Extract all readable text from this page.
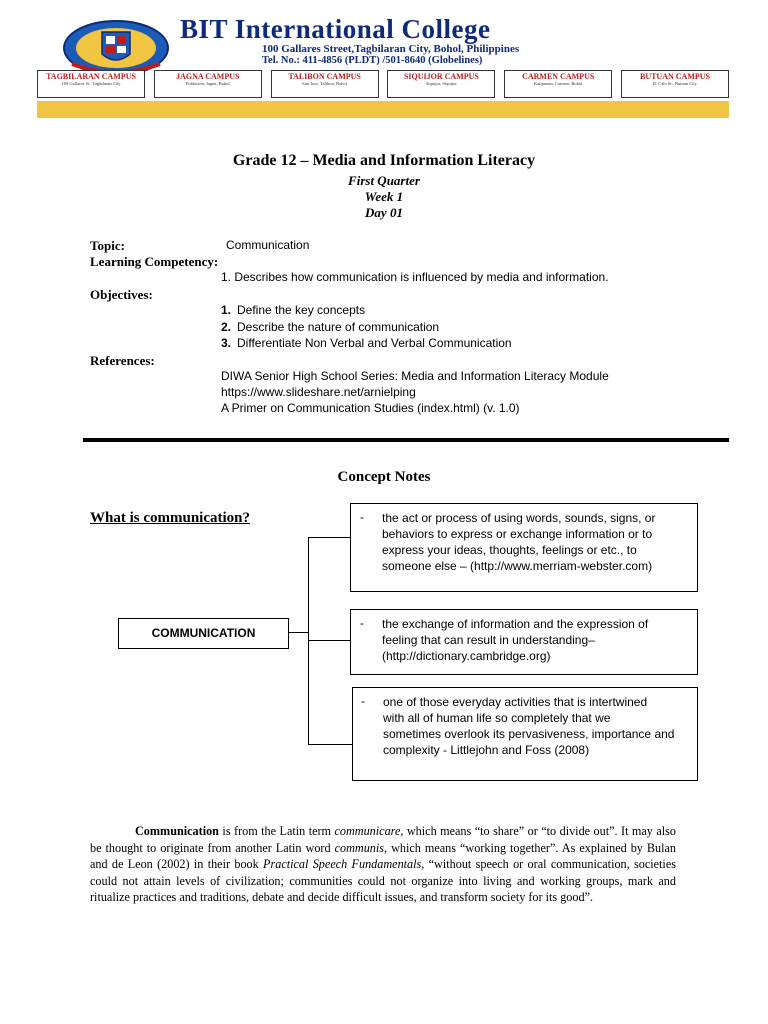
BIT International College
100 Gallares Street,Tagbilaran City, Bohol, Philippines
Tel. No.: 411-4856 (PLDT) /501-8640 (Globelines)
TAGBILARAN CAMPUS
100 Gallares St., Tagbilaran City
JAGNA CAMPUS
Poblacion, Jagna, Bohol
TALIBON CAMPUS
San Jose, Talibon, Bohol
SIQUIJOR CAMPUS
Siquijor, Siquijor
CARMEN CAMPUS
Katipunan, Carmen, Bohol
BUTUAN CAMPUS
R. Calo St., Butuan City
Grade 12 – Media and Information Literacy
First Quarter
Week 1
Day 01
Topic:	Communication
Learning Competency:
1. Describes how communication is influenced by media and information.
Objectives:
1. Define the key concepts
2. Describe the nature of communication
3. Differentiate Non Verbal and Verbal Communication
References:
DIWA Senior High School Series: Media and Information Literacy Module
https://www.slideshare.net/arnielping
A Primer on Communication Studies (index.html) (v. 1.0)
Concept Notes
What is communication?
COMMUNICATION
- the act or process of using words, sounds, signs, or
behaviors to express or exchange information or to
express your ideas, thoughts, feelings or etc., to
someone else – (http://www.merriam-webster.com)
- the exchange of information and the expression of
feeling that can result in understanding–
(http://dictionary.cambridge.org)
- one of those everyday activities that is intertwined
with all of human life so completely that we
sometimes overlook its pervasiveness, importance and
complexity - Littlejohn and Foss (2008)
Communication is from the Latin term communicare, which means “to share” or “to divide out”. It may also be thought to originate from another Latin word communis, which means “working together”. As explained by Bulan and de Leon (2002) in their book Practical Speech Fundamentals, “without speech or oral communication, societies could not attain levels of civilization; communities could not organize into living and working groups, mark and ritualize practices and traditions, debate and decide difficult issues, and transform society for its good”.
